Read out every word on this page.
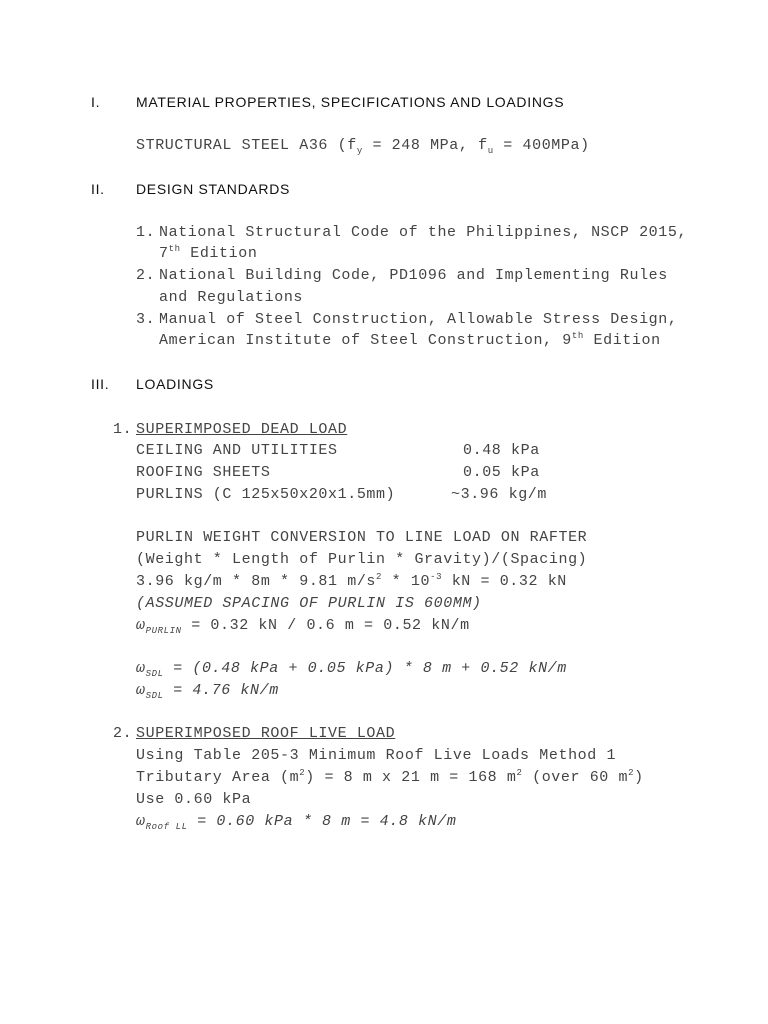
I.	MATERIAL PROPERTIES, SPECIFICATIONS AND LOADINGS
STRUCTURAL STEEL A36 ($f_y = 248$ MPa, $f_u = 400MPa$)
II. DESIGN STANDARDS
1. National Structural Code of the Philippines, NSCP 2015,
7th Edition
2. National Building Code, PD1096 and Implementing Rules
and Regulations
3. Manual of Steel Construction, Allowable Stress Design,
American Institute of Steel Construction, 9th Edition
III. LOADINGS
1. SUPERIMPOSED DEAD LOAD
CEILING AND UTILITIES	0.48 kPa
ROOFING SHEETS	0.05 kPa
PURLINS (C 125x50x20x1.5mm)	~3.96 kg/m
PURLIN WEIGHT CONVERSION TO LINE LOAD ON RAFTER
(Weight * Length of Purlin * Gravity)/(Spacing)
3.96 kg/m * 8m * 9.81 $m/s^2 * 10^{-3}$ kN = 0.32 kN
(ASSUMED SPACING OF PURLIN IS 600MM)
$\omega_{PURLIN} = 0.32$ kN / 0.6 m = 0.52 kN/m
$\omega_{SDL} = (0.48$ kPa + 0.05 kPa) * 8 m + 0.52 kN/m
$\omega_{SDL} = 4.76$ kN/m
2. SUPERIMPOSED ROOF LIVE LOAD
Using Table 205-3 Minimum Roof Live Loads Method 1
Tributary Area $(m^2) = 8$ m x 21 m = 168 $m^2$ (over 60 $m^2$)
Use 0.60 kPa
$\omega_{Roof LL} = 0.60$ kPa * 8 m = 4.8 kN/m
